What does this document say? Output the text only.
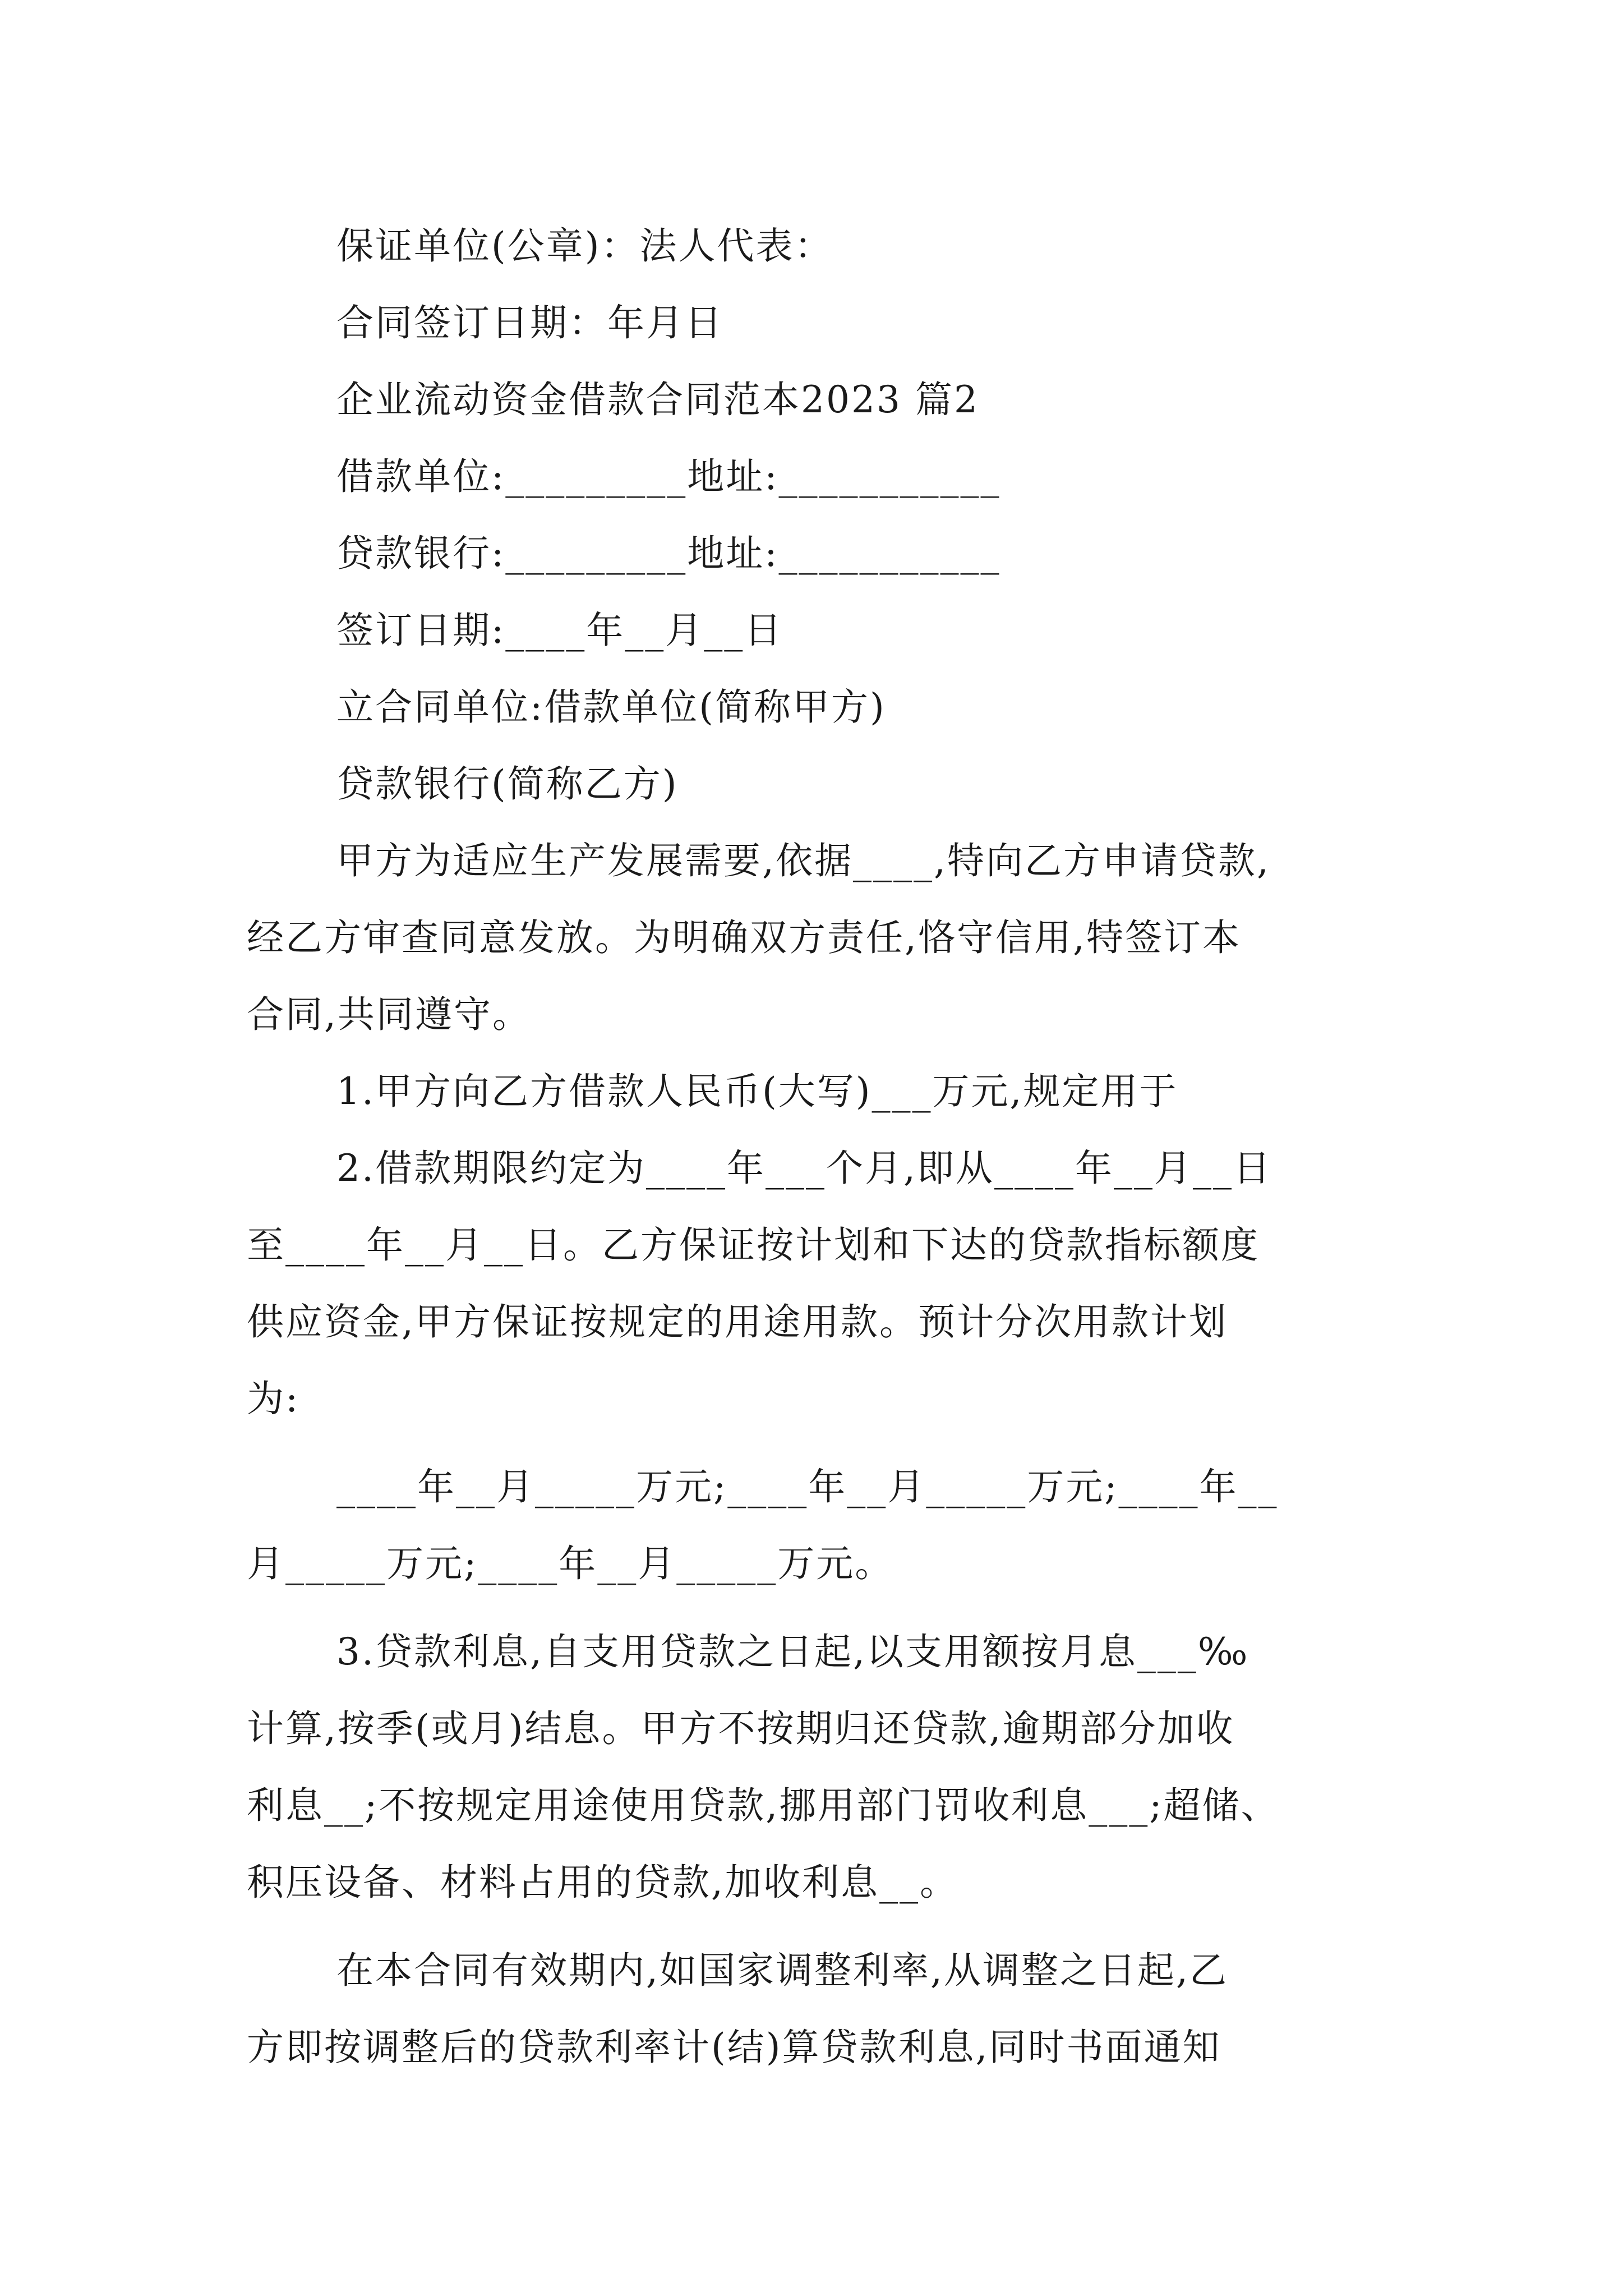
保证单位(公章)：法人代表：
合同签订日期：年月日
企业流动资金借款合同范本2023 篇2
借款单位:_________地址:___________
贷款银行:_________地址:___________
签订日期:____年__月__日
立合同单位:借款单位(简称甲方)
贷款银行(简称乙方)
甲方为适应生产发展需要,依据____,特向乙方申请贷款,
经乙方审查同意发放。为明确双方责任,恪守信用,特签订本
合同,共同遵守。
1.甲方向乙方借款人民币(大写)___万元,规定用于
2.借款期限约定为____年___个月,即从____年__月__日
至____年__月__日。乙方保证按计划和下达的贷款指标额度
供应资金,甲方保证按规定的用途用款。预计分次用款计划
为:
____年__月_____万元;____年__月_____万元;____年__
月_____万元;____年__月_____万元。
3.贷款利息,自支用贷款之日起,以支用额按月息___‰
计算,按季(或月)结息。甲方不按期归还贷款,逾期部分加收
利息__;不按规定用途使用贷款,挪用部门罚收利息___;超储、
积压设备、材料占用的贷款,加收利息__。
在本合同有效期内,如国家调整利率,从调整之日起,乙
方即按调整后的贷款利率计(结)算贷款利息,同时书面通知
